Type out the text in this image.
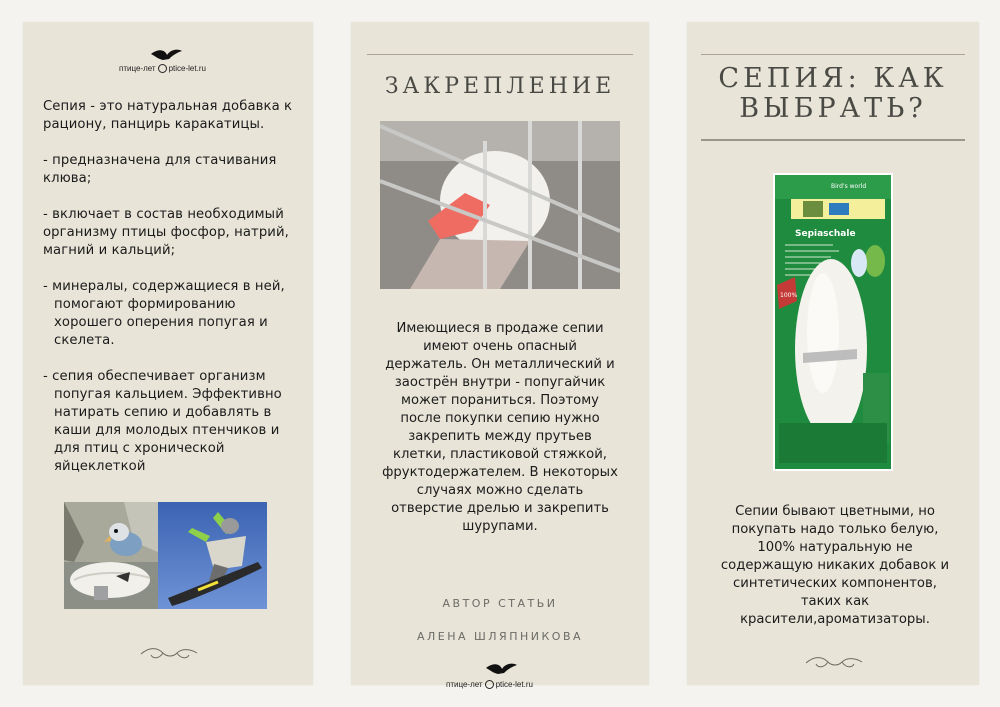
птице-лет ptice-let.ru

Сепия - это натуральная добавка к рациону, панцирь каракатицы.

- предназначена для стачивания клюва;

- включает в состав необходимый организму птицы фосфор, натрий, магний и кальций;

- минералы, содержащиеся в ней, помогают формированию хорошего оперения попугая и скелета.

- сепия обеспечивает организм попугая кальцием. Эффективно натирать сепию и добавлять в каши для молодых птенчиков и для птиц с хронической яйцеклеткой

ЗАКРЕПЛЕНИЕ
Имеющиеся в продаже сепии имеют очень опасный держатель. Он металлический и заострён внутри - попугайчик может пораниться. Поэтому после покупки сепию нужно закрепить между прутьев клетки, пластиковой стяжкой, фруктодержателем. В некоторых случаях можно сделать отверстие дрелью и закрепить шурупами.
АВТОР СТАТЬИ
АЛЕНА ШЛЯПНИКОВА
птице-лет ptice-let.ru
СЕПИЯ: КАК
ВЫБРАТЬ?
Bird's world
Sepiaschale
100%
Сепии бывают цветными, но покупать надо только белую, 100% натуральную не содержащую никаких добавок и синтетических компонентов, таких как красители,ароматизаторы.
